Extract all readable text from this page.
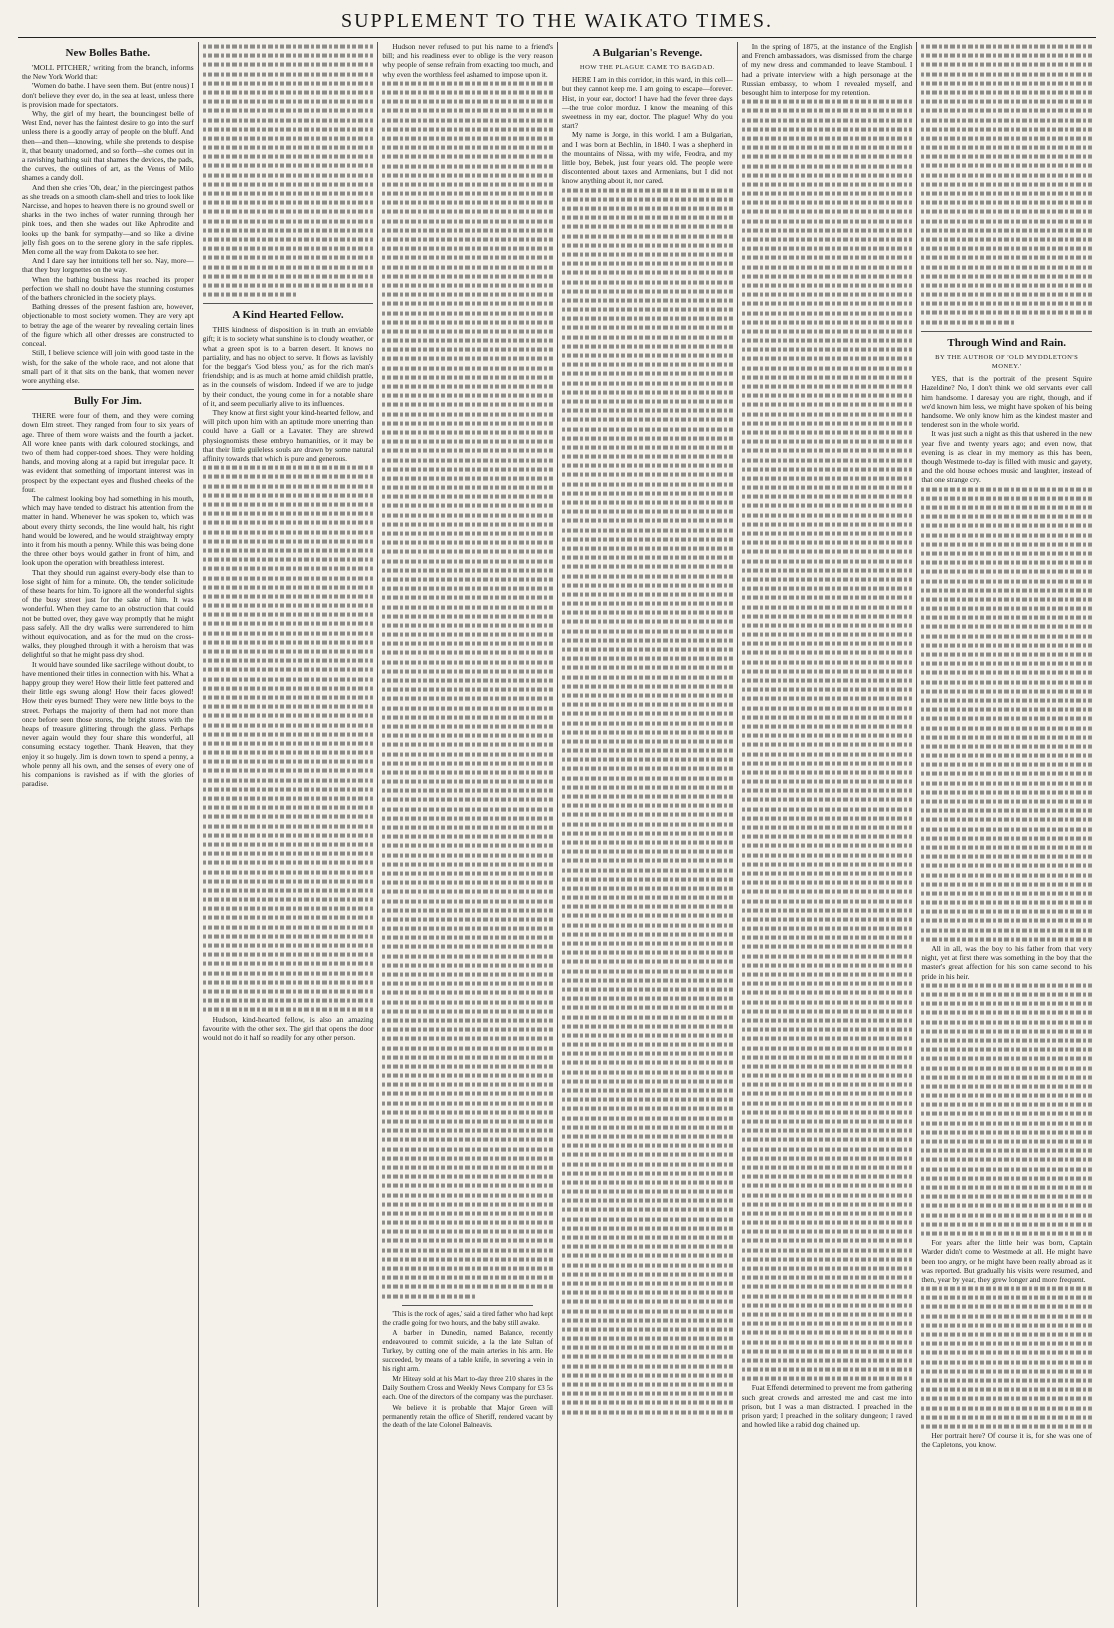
SUPPLEMENT TO THE WAIKATO TIMES.
New Bolles Bathe.

'MOLL PITCHER,' writing from the branch, informs the New York World that:

'Women do bathe. I have seen them. But (entre nous) I don't believe they ever do, in the sea at least, unless there is provision made for spectators.

Why, the girl of my heart, the bouncingest belle of West End, never has the faintest desire to go into the surf unless there is a goodly array of people on the bluff. And then—and then—knowing, while she pretends to despise it, that beauty unadorned, and so forth—she comes out in a ravishing bathing suit that shames the devices, the pads, the curves, the outlines of art, as the Venus of Milo shames a candy doll.

And then she cries 'Oh, dear,' in the piercingest pathos as she treads on a smooth clam-shell and tries to look like Narcisse, and hopes to heaven there is no ground swell or sharks in the two inches of water running through her pink toes, and then she wades out like Aphrodite and looks up the bank for sympathy—and so like a divine jelly fish goes on to the serene glory in the safe ripples. Men come all the way from Dakota to see her.

And I dare say her intuitions tell her so. Nay, more—that they buy lorgnettes on the way.

When the bathing business has reached its proper perfection we shall no doubt have the stunning costumes of the bathers chronicled in the society plays.

Bathing dresses of the present fashion are, however, objectionable to most society women. They are very apt to betray the age of the wearer by revealing certain lines of the figure which all other dresses are constructed to conceal.

Still, I believe science will join with good taste in the wish, for the sake of the whole race, and not alone that small part of it that sits on the bank, that women never wore anything else.

Bully For Jim.

THERE were four of them, and they were coming down Elm street. They ranged from four to six years of age. Three of them wore waists and the fourth a jacket. All wore knee pants with dark coloured stockings, and two of them had copper-toed shoes. They were holding hands, and moving along at a rapid but irregular pace. It was evident that something of important interest was in prospect by the expectant eyes and flushed cheeks of the four.

The calmest looking boy had something in his mouth, which may have tended to distract his attention from the matter in hand. Whenever he was spoken to, which was about every thirty seconds, the line would halt, his right hand would be lowered, and he would straightway empty into it from his mouth a penny. While this was being done the three other boys would gather in front of him, and look upon the operation with breathless interest.

That they should run against every-body else than to lose sight of him for a minute. Oh, the tender solicitude of these hearts for him. To ignore all the wonderful sights of the busy street just for the sake of him. It was wonderful. When they came to an obstruction that could not be butted over, they gave way promptly that he might pass safely. All the dry walks were surrendered to him without equivocation, and as for the mud on the cross-walks, they ploughed through it with a heroism that was delightful so that he might pass dry shod.

It would have sounded like sacrilege without doubt, to have mentioned their titles in connection with his. What a happy group they were! How their little feet pattered and their little egs swung along! How their faces glowed! How their eyes burned! They were new little boys to the street. Perhaps the majority of them had not more than once before seen those stores, the bright stores with the heaps of treasure glittering through the glass. Perhaps never again would they four share this wonderful, all consuming ecstacy together. Thank Heaven, that they enjoy it so hugely. Jim is down town to spend a penny, a whole penny all his own, and the senses of every one of his companions is ravished as if with the glories of paradise.

A Kind Hearted Fellow.

THIS kindness of disposition is in truth an enviable gift; it is to society what sunshine is to cloudy weather, or what a green spot is to a barren desert. It knows no partiality, and has no object to serve. It flows as lavishly for the beggar's 'God bless you,' as for the rich man's friendship; and is as much at home amid childish prattle, as in the counsels of wisdom. Indeed if we are to judge by their conduct, the young come in for a notable share of it, and seem peculiarly alive to its influences.

They know at first sight your kind-hearted fellow, and will pitch upon him with an aptitude more unerring than could have a Gall or a Lavater. They are shrewd physiognomists these embryo humanities, or it may be that their little guileless souls are drawn by some natural affinity towards that which is pure and generous.

Hudson, kind-hearted fellow, is also an amazing favourite with the other sex. The girl that opens the door would not do it half so readily for any other person.

Hudson never refused to put his name to a friend's bill; and his readiness ever to oblige is the very reason why people of sense refrain from exacting too much, and why even the worthless feel ashamed to impose upon it.

'This is the rock of ages,' said a tired father who had kept the cradle going for two hours, and the baby still awake.

A barber in Dunedin, named Balance, recently endeavoured to commit suicide, a la the late Sultan of Turkey, by cutting one of the main arteries in his arm. He succeeded, by means of a table knife, in severing a vein in his right arm.

Mr Hiteay sold at his Mart to-day three 210 shares in the Daily Southern Cross and Weekly News Company for £3 5s each. One of the directors of the company was the purchaser.

We believe it is probable that Major Green will permanently retain the office of Sheriff, rendered vacant by the death of the late Colonel Balneavis.

A Bulgarian's Revenge.
HOW THE PLAGUE CAME TO BAGDAD.

HERE I am in this corridor, in this ward, in this cell—but they cannot keep me. I am going to escape—forever. Hist, in your ear, doctor! I have had the fever three days—the true color morduz. I know the meaning of this sweetness in my ear, doctor. The plague! Why do you start?

My name is Jorge, in this world. I am a Bulgarian, and I was born at Bechlin, in 1840. I was a shepherd in the mountains of Nissa, with my wife, Feodra, and my little boy, Bebek, just four years old. The people were discontented about taxes and Armenians, but I did not know anything about it, nor cared.

In the spring of 1875, at the instance of the English and French ambassadors, was dismissed from the charge of my new dress and commanded to leave Stamboul. I had a private interview with a high personage at the Russian embassy, to whom I revealed myself, and besought him to interpose for my retention.

Fuat Effendi determined to prevent me from gathering such great crowds and arrested me and cast me into prison, but I was a man distracted. I preached in the prison yard; I preached in the solitary dungeon; I raved and howled like a rabid dog chained up.

Through Wind and Rain.
BY THE AUTHOR OF 'OLD MYDDLETON'S MONEY.'

YES, that is the portrait of the present Squire Hazeldine? No, I don't think we old servants ever call him handsome. I daresay you are right, though, and if we'd known him less, we might have spoken of his being handsome. We only know him as the kindest master and tenderest son in the whole world.

It was just such a night as this that ushered in the new year five and twenty years ago; and even now, that evening is as clear in my memory as this has been, though Westmede to-day is filled with music and gayety, and the old house echoes music and laughter, instead of that one strange cry.

All in all, was the boy to his father from that very night, yet at first there was something in the boy that the master's great affection for his son came second to his pride in his heir.

For years after the little heir was born, Captain Warder didn't come to Westmede at all. He might have been too angry, or he might have been really abroad as it was reported. But gradually his visits were resumed, and then, year by year, they grew longer and more frequent.

Her portrait here? Of course it is, for she was one of the Capletons, you know.
